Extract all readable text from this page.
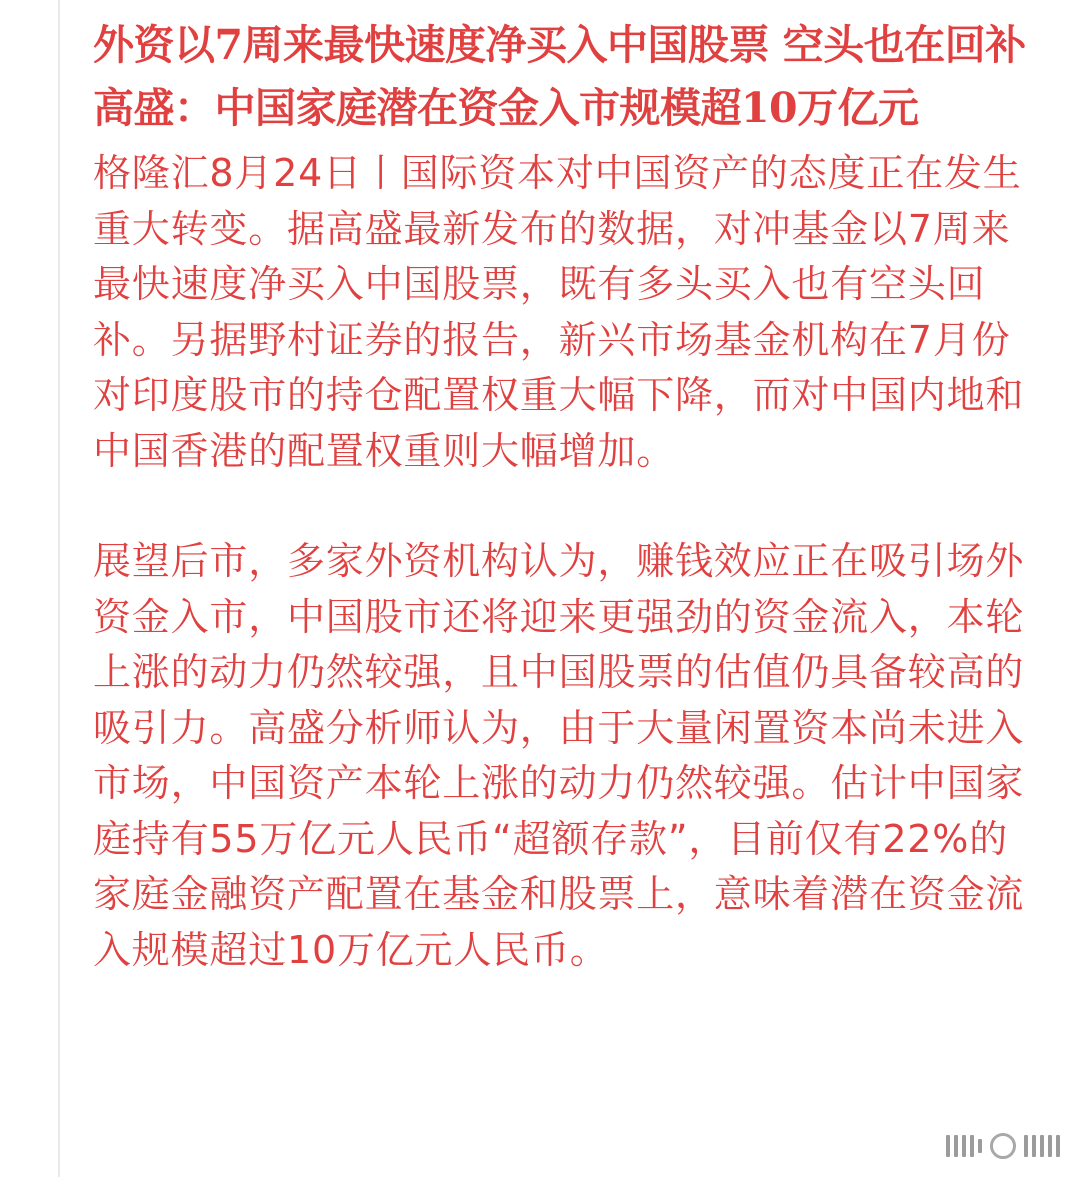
外资以7周来最快速度净买入中国股票 空头也在回补 高盛：中国家庭潜在资金入市规模超10万亿元

格隆汇8月24日丨国际资本对中国资产的态度正在发生重大转变。据高盛最新发布的数据，对冲基金以7周来最快速度净买入中国股票，既有多头买入也有空头回补。另据野村证券的报告，新兴市场基金机构在7月份对印度股市的持仓配置权重大幅下降，而对中国内地和中国香港的配置权重则大幅增加。

展望后市，多家外资机构认为，赚钱效应正在吸引场外资金入市，中国股市还将迎来更强劲的资金流入，本轮上涨的动力仍然较强，且中国股票的估值仍具备较高的吸引力。高盛分析师认为，由于大量闲置资本尚未进入市场，中国资产本轮上涨的动力仍然较强。估计中国家庭持有55万亿元人民币“超额存款”，目前仅有22%的家庭金融资产配置在基金和股票上，意味着潜在资金流入规模超过10万亿元人民币。
